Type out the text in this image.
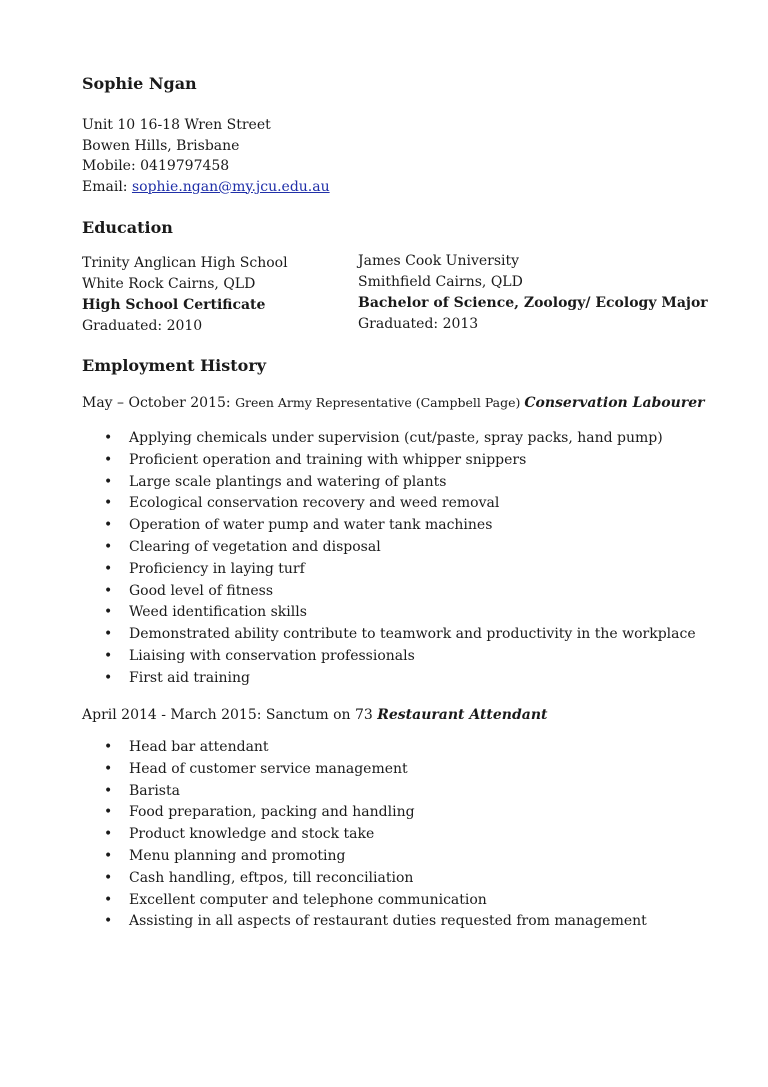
Sophie Ngan
Unit 10 16-18 Wren Street
Bowen Hills, Brisbane
Mobile: 0419797458
Email: sophie.ngan@my.jcu.edu.au
Education
Trinity Anglican High School
White Rock Cairns, QLD
High School Certificate
Graduated: 2010
James Cook University
Smithfield Cairns, QLD
Bachelor of Science, Zoology/ Ecology Major
Graduated: 2013
Employment History
May – October 2015: Green Army Representative (Campbell Page) Conservation Labourer
• Applying chemicals under supervision (cut/paste, spray packs, hand pump)
• Proficient operation and training with whipper snippers
• Large scale plantings and watering of plants
• Ecological conservation recovery and weed removal
• Operation of water pump and water tank machines
• Clearing of vegetation and disposal
• Proficiency in laying turf
• Good level of fitness
• Weed identification skills
• Demonstrated ability contribute to teamwork and productivity in the workplace
• Liaising with conservation professionals
• First aid training
April 2014 - March 2015: Sanctum on 73 Restaurant Attendant
• Head bar attendant
• Head of customer service management
• Barista
• Food preparation, packing and handling
• Product knowledge and stock take
• Menu planning and promoting
• Cash handling, eftpos, till reconciliation
• Excellent computer and telephone communication
• Assisting in all aspects of restaurant duties requested from management
